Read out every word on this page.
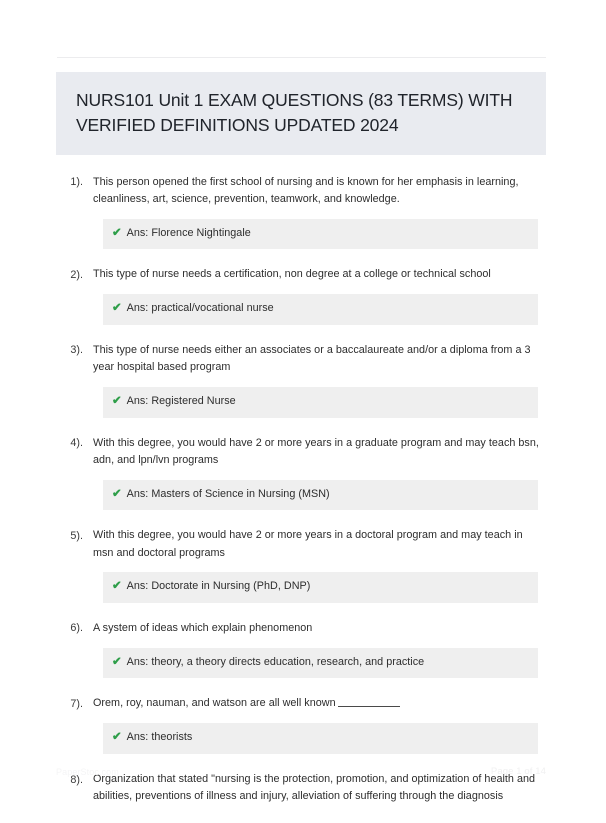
NURS101 Unit 1 EXAM QUESTIONS (83 TERMS) WITH VERIFIED DEFINITIONS UPDATED 2024
1). This person opened the first school of nursing and is known for her emphasis in learning, cleanliness, art, science, prevention, teamwork, and knowledge.
✔ Ans: Florence Nightingale
2). This type of nurse needs a certification, non degree at a college or technical school
✔ Ans: practical/vocational nurse
3). This type of nurse needs either an associates or a baccalaureate and/or a diploma from a 3 year hospital based program
✔ Ans: Registered Nurse
4). With this degree, you would have 2 or more years in a graduate program and may teach bsn, adn, and lpn/lvn programs
✔ Ans: Masters of Science in Nursing (MSN)
5). With this degree, you would have 2 or more years in a doctoral program and may teach in msn and doctoral programs
✔ Ans: Doctorate in Nursing (PhD, DNP)
6). A system of ideas which explain phenomenon
✔ Ans: theory, a theory directs education, research, and practice
7). Orem, roy, nauman, and watson are all well known
✔ Ans: theorists
8). Organization that stated "nursing is the protection, promotion, and optimization of health and abilities, preventions of illness and injury, alleviation of suffering through the diagnosis
PaperStoc.com	Page 1 of 14
